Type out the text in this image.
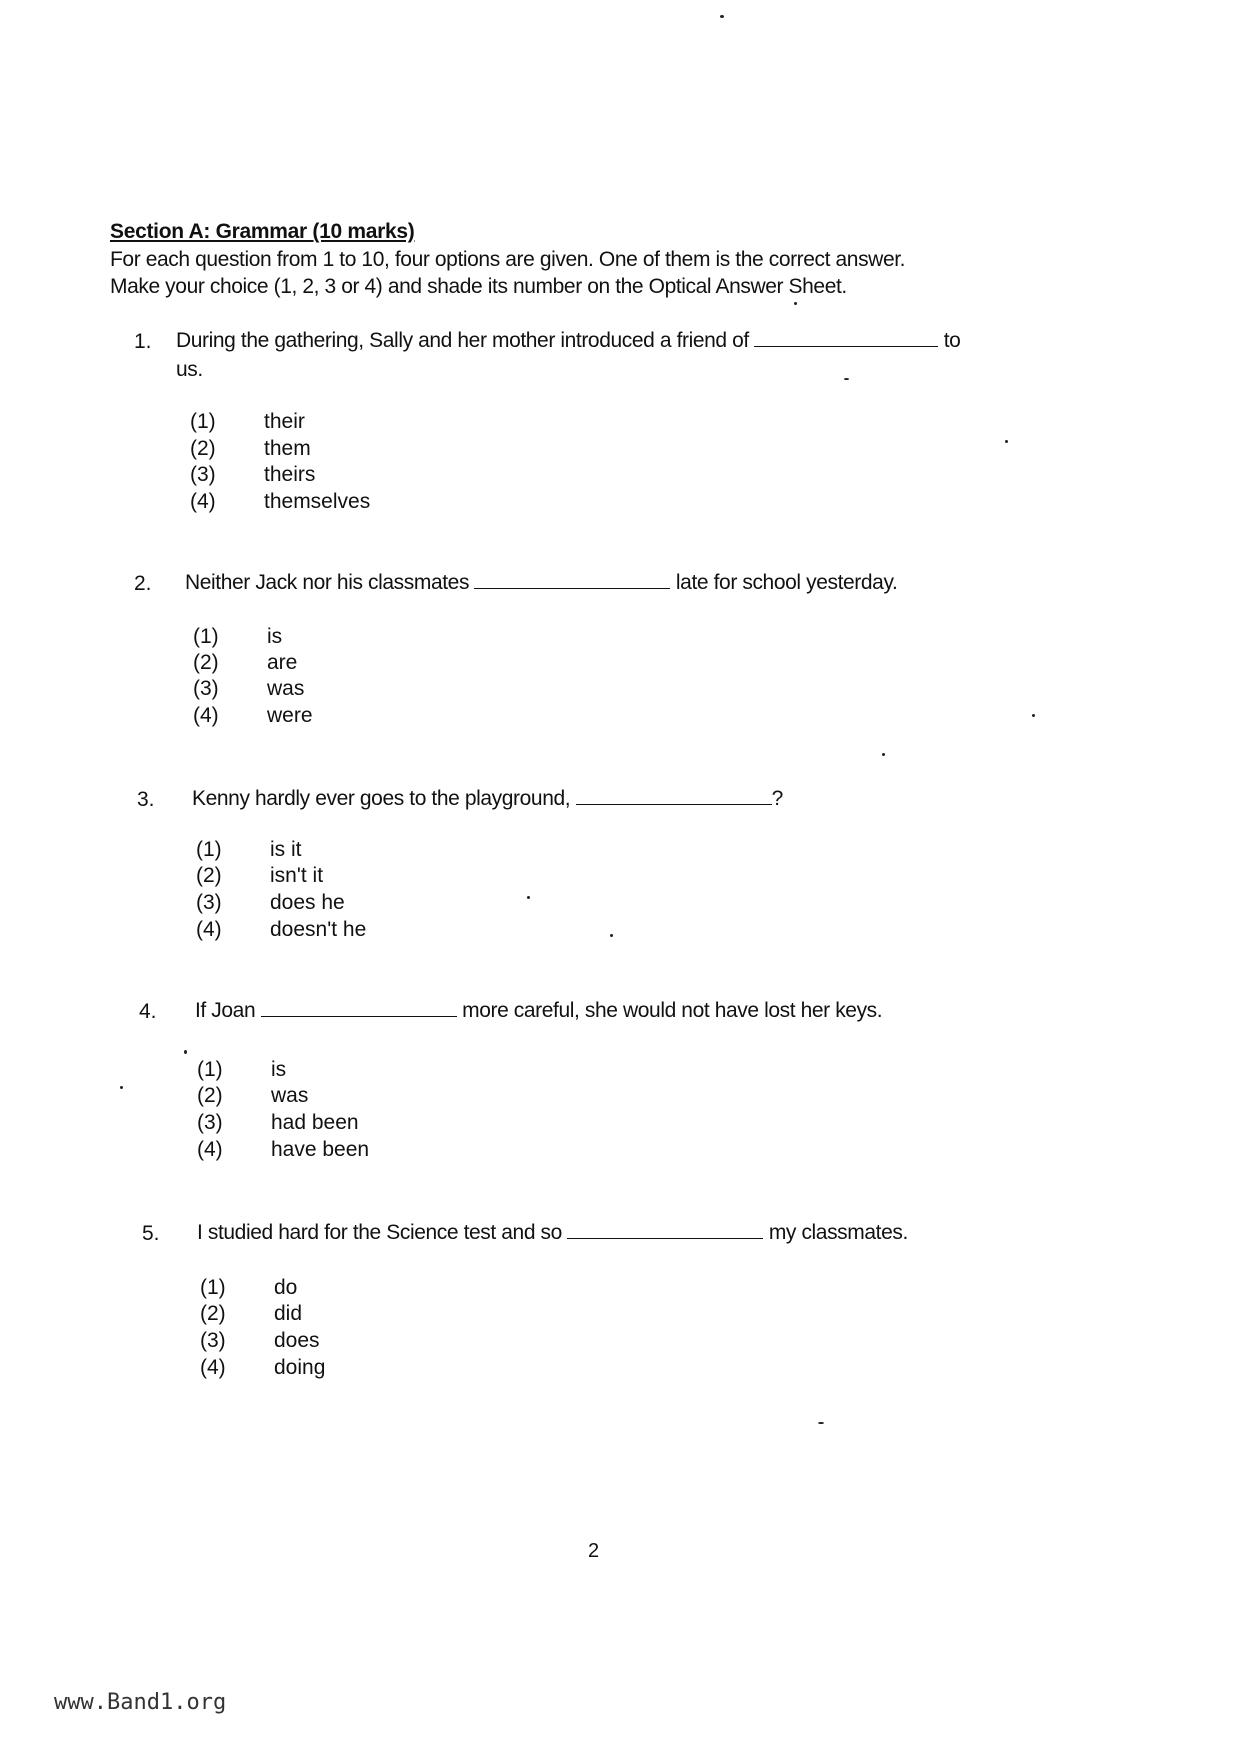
Section A: Grammar (10 marks)
For each question from 1 to 10, four options are given. One of them is the correct answer.
Make your choice (1, 2, 3 or 4) and shade its number on the Optical Answer Sheet.
1. During the gathering, Sally and her mother introduced a friend of	to
us.
(1) their
(2) them
(3) theirs
(4) themselves
2. Neither Jack nor his classmates	late for school yesterday.
(1) is
(2) are
(3) was
(4) were
3. Kenny hardly ever goes to the playground,	?
(1) is it
(2) isn't it
(3) does he
(4) doesn't he
4. If Joan	more careful, she would not have lost her keys.
(1) is
(2) was
(3) had been
(4) have been
5. I studied hard for the Science test and so	my classmates.
(1) do
(2) did
(3) does
(4) doing
2
www.Band1.org
